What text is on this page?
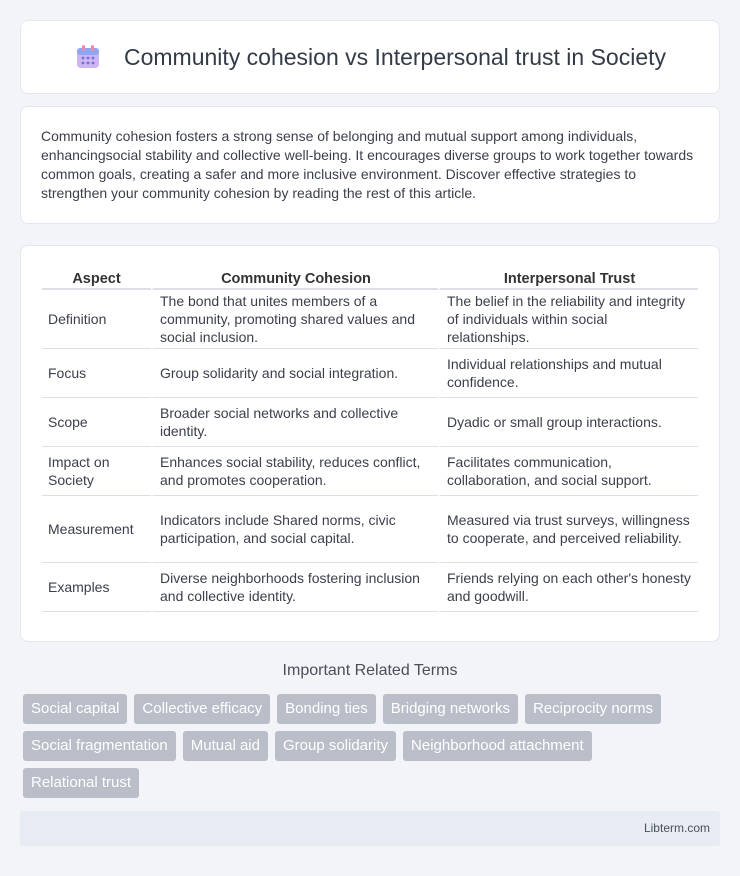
Community cohesion vs Interpersonal trust in Society

Community cohesion fosters a strong sense of belonging and mutual support among individuals, enhancingsocial stability and collective well-being. It encourages diverse groups to work together towards common goals, creating a safer and more inclusive environment. Discover effective strategies to strengthen your community cohesion by reading the rest of this article.

Aspect	Community Cohesion	Interpersonal Trust
Definition	The bond that unites members of a community, promoting shared values and social inclusion.	The belief in the reliability and integrity of individuals within social relationships.
Focus	Group solidarity and social integration.	Individual relationships and mutual confidence.
Scope	Broader social networks and collective identity.	Dyadic or small group interactions.
Impact on Society	Enhances social stability, reduces conflict, and promotes cooperation.	Facilitates communication, collaboration, and social support.
Measurement	Indicators include Shared norms, civic participation, and social capital.	Measured via trust surveys, willingness to cooperate, and perceived reliability.
Examples	Diverse neighborhoods fostering inclusion and collective identity.	Friends relying on each other's honesty and goodwill.
Important Related Terms
Social capital	Collective efficacy	Bonding ties	Bridging networks	Reciprocity norms
Social fragmentation	Mutual aid	Group solidarity	Neighborhood attachment
Relational trust
Libterm.com
